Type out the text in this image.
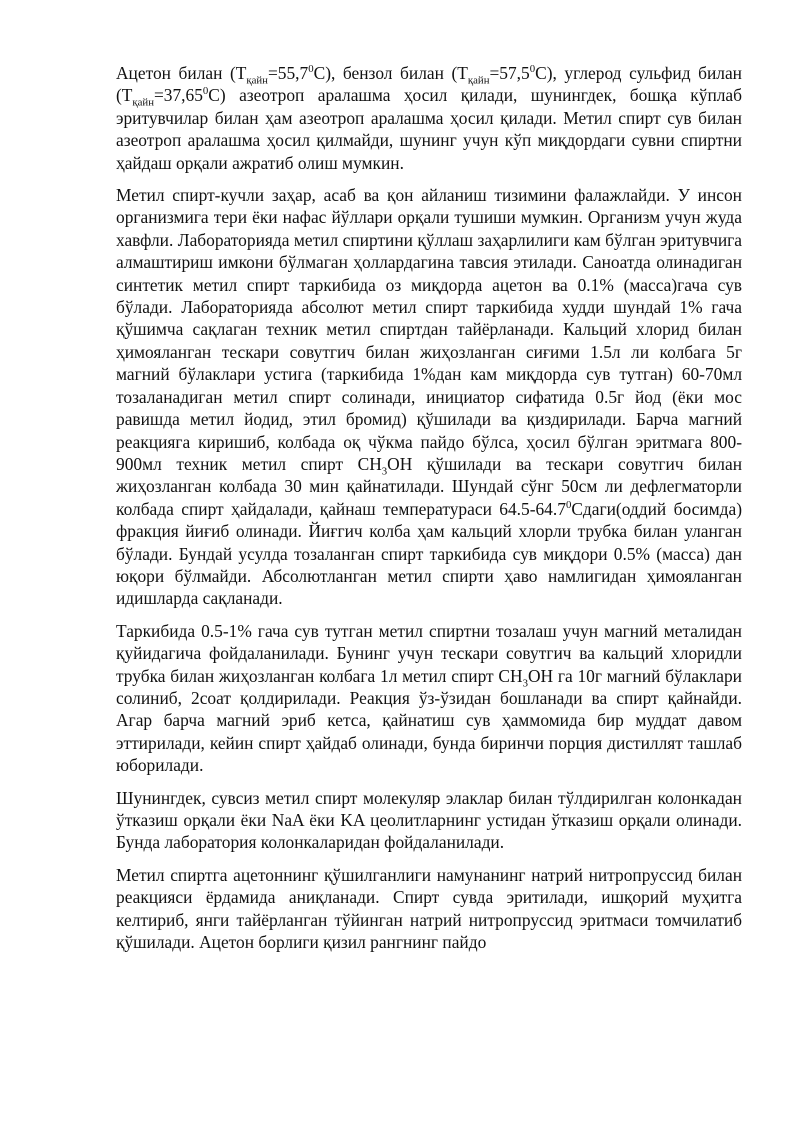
Ацетон билан $(Т_{қайн}=55,7^0С)$, бензол билан $(Т_{қайн}=57,5^0С)$, углерод сульфид билан $(Т_{қайн}=37,65^0С)$ азеотроп аралашма ҳосил қилади, шунингдек, бошқа кўплаб эритувчилар билан ҳам азеотроп аралашма ҳосил қилади. Метил спирт сув билан азеотроп аралашма ҳосил қилмайди, шунинг учун кўп миқдордаги сувни спиртни ҳайдаш орқали ажратиб олиш мумкин.

Метил спирт-кучли заҳар, асаб ва қон айланиш тизимини фалажлайди. У инсон организмига тери ёки нафас йўллари орқали тушиши мумкин. Организм учун жуда хавфли. Лабораторияда метил спиртини қўллаш заҳарлилиги кам бўлган эритувчига алмаштириш имкони бўлмаган ҳоллардагина тавсия этилади. Саноатда олинадиган синтетик метил спирт таркибида оз миқдорда ацетон ва 0.1% (масса)гача сув бўлади. Лабораторияда абсолют метил спирт таркибида худди шундай 1% гача қўшимча сақлаган техник метил спиртдан тайёрланади. Кальций хлорид билан ҳимояланган тескари совутгич билан жиҳозланган сиғими 1.5л ли колбага 5г магний бўлаклари устига (таркибида 1%дан кам миқдорда сув тутган) 60-70мл тозаланадиган метил спирт солинади, инициатор сифатида 0.5г йод (ёки мос равишда метил йодид, этил бромид) қўшилади ва қиздирилади. Барча магний реакцияга киришиб, колбада оқ чўкма пайдо бўлса, ҳосил бўлган эритмага 800-900мл техник метил спирт $CH_3OH$ қўшилади ва тескари совутгич билан жиҳозланган колбада 30 мин қайнатилади. Шундай сўнг 50см ли дефлегматорли колбада спирт ҳайдалади, қайнаш температураси 64.5-64.7$^0$Сдаги(оддий босимда) фракция йиғиб олинади. Йиғгич колба ҳам кальций хлорли трубка билан уланган бўлади. Бундай усулда тозаланган спирт таркибида сув миқдори 0.5% (масса) дан юқори бўлмайди. Абсолютланган метил спирти ҳаво намлигидан ҳимояланган идишларда сақланади.

Таркибида 0.5-1% гача сув тутган метил спиртни тозалаш учун магний металидан қуйидагича фойдаланилади. Бунинг учун тескари совутгич ва кальций хлоридли трубка билан жиҳозланган колбага 1л метил спирт $CH_3OH$ га 10г магний бўлаклари солиниб, 2соат қолдирилади. Реакция ўз-ўзидан бошланади ва спирт қайнайди. Агар барча магний эриб кетса, қайнатиш сув ҳаммомида бир муддат давом эттирилади, кейин спирт ҳайдаб олинади, бунда биринчи порция дистиллят ташлаб юборилади.

Шунингдек, сувсиз метил спирт молекуляр элаклар билан тўлдирилган колонкадан ўтказиш орқали ёки NaA ёки KA цеолитларнинг устидан ўтказиш орқали олинади. Бунда лаборатория колонкаларидан фойдаланилади.

Метил спиртга ацетоннинг қўшилганлиги намунанинг натрий нитропруссид билан реакцияси ёрдамида аниқланади. Спирт сувда эритилади, ишқорий муҳитга келтириб, янги тайёрланган тўйинган натрий нитропруссид эритмаси томчилатиб қўшилади. Ацетон борлиги қизил рангнинг пайдо
